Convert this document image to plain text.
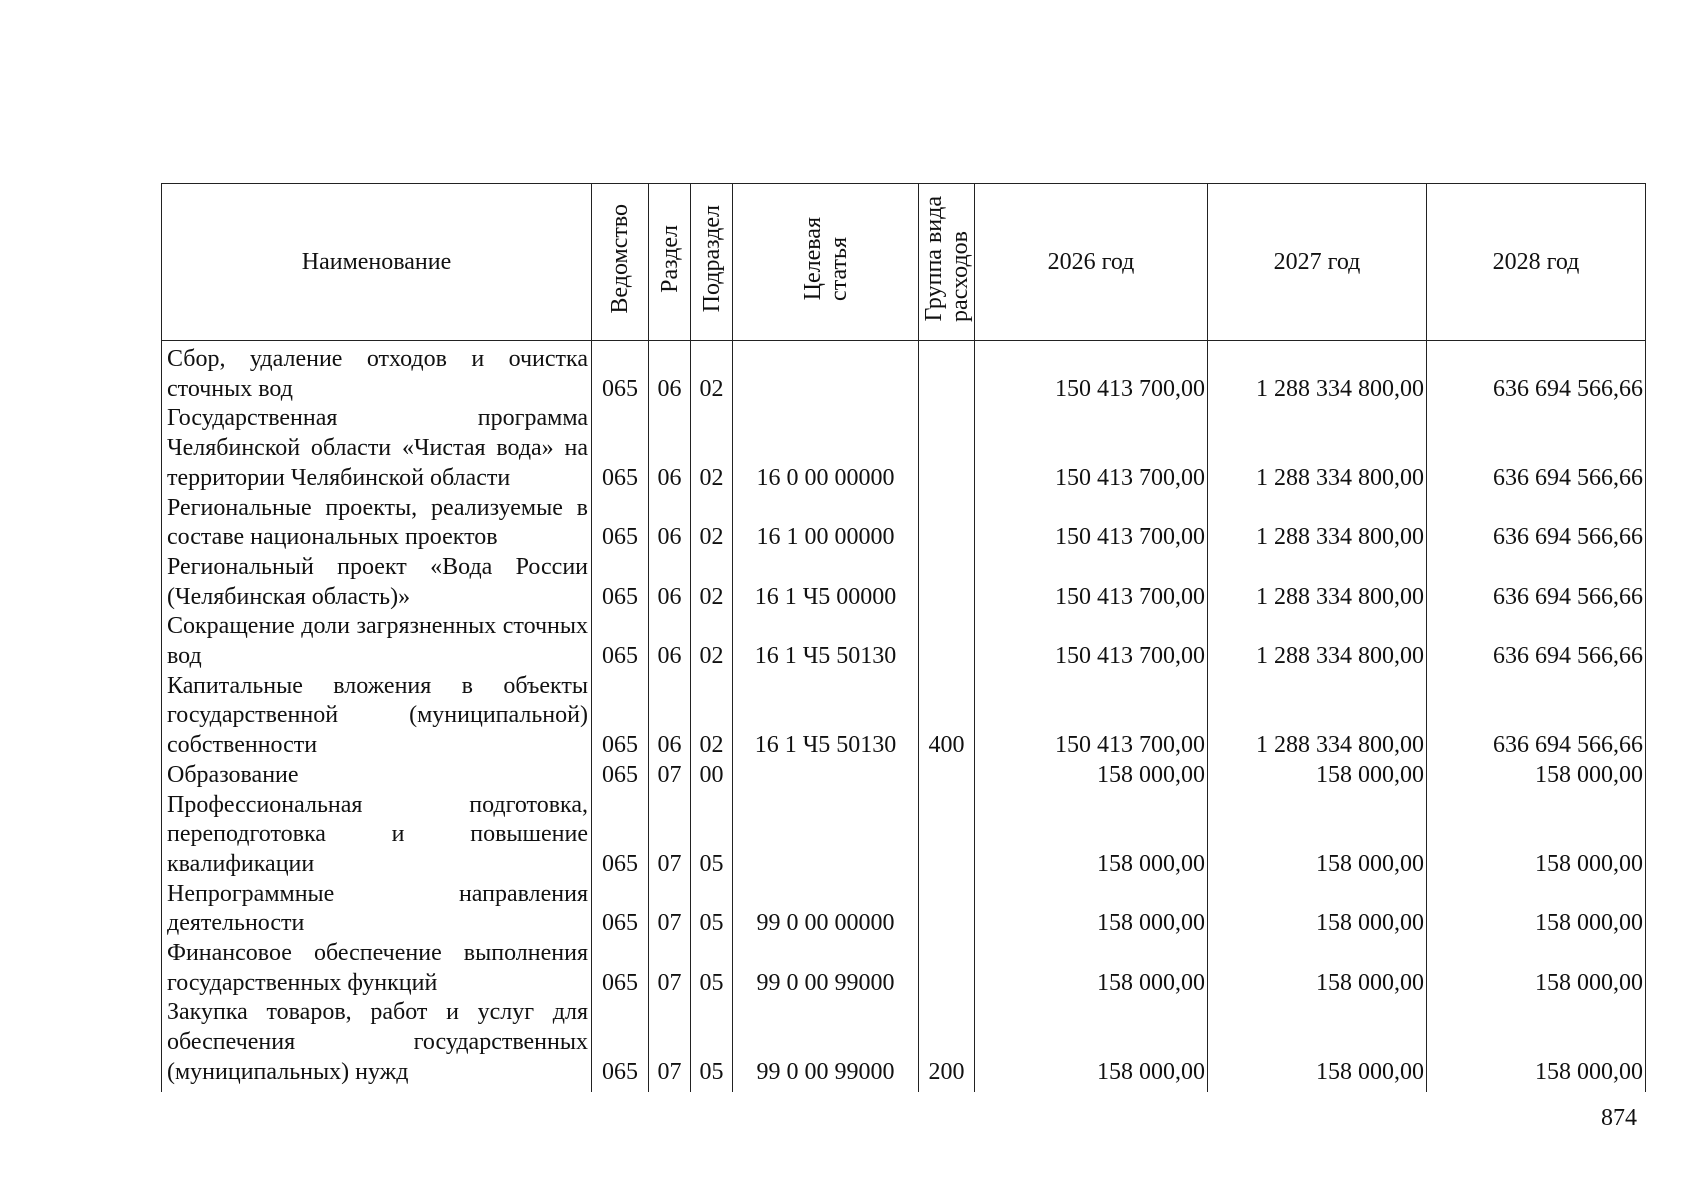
Наименование	Ведомство	Раздел	Подраздел	Целеваястатья	Группа видарасходов	2026 год	2027 год	2028 год

Сбор, удаление отходов и очистка сточных вод	065	06	02			150 413 700,00	1 288 334 800,00	636 694 566,66

Государственная программа Челябинской области «Чистая вода» на территории Челябинской области	065	06	02	16 0 00 00000		150 413 700,00	1 288 334 800,00	636 694 566,66

Региональные проекты, реализуемые в составе национальных проектов	065	06	02	16 1 00 00000		150 413 700,00	1 288 334 800,00	636 694 566,66

Региональный проект «Вода России (Челябинская область)»	065	06	02	16 1 Ч5 00000		150 413 700,00	1 288 334 800,00	636 694 566,66

Сокращение доли загрязненных сточных вод	065	06	02	16 1 Ч5 50130		150 413 700,00	1 288 334 800,00	636 694 566,66

Капитальные вложения в объекты государственной (муниципальной) собственности	065	06	02	16 1 Ч5 50130	400	150 413 700,00	1 288 334 800,00	636 694 566,66

Образование	065	07	00			158 000,00	158 000,00	158 000,00

Профессиональная подготовка, переподготовка и повышение квалификации	065	07	05			158 000,00	158 000,00	158 000,00

Непрограммные направления деятельности	065	07	05	99 0 00 00000		158 000,00	158 000,00	158 000,00

Финансовое обеспечение выполнения государственных функций	065	07	05	99 0 00 99000		158 000,00	158 000,00	158 000,00

Закупка товаров, работ и услуг для обеспечения государственных (муниципальных) нужд	065	07	05	99 0 00 99000	200	158 000,00	158 000,00	158 000,00
874
